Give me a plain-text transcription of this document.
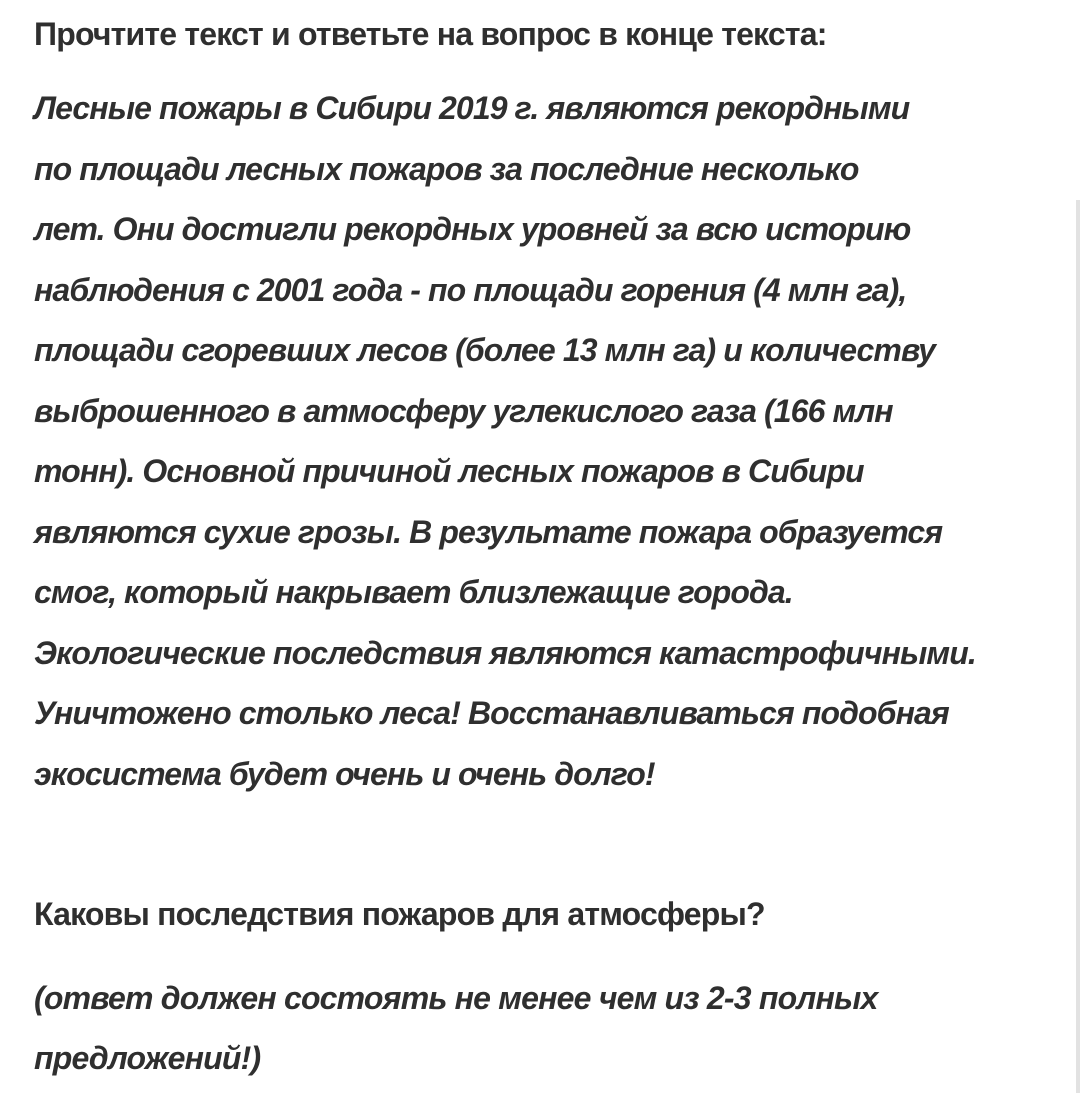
Прочтите текст и ответьте на вопрос в конце текста:
Лесные пожары в Сибири 2019 г. являются рекордными
по площади лесных пожаров за последние несколько
лет. Они достигли рекордных уровней за всю историю
наблюдения с 2001 года - по площади горения (4 млн га),
площади сгоревших лесов (более 13 млн га) и количеству
выброшенного в атмосферу углекислого газа (166 млн
тонн). Основной причиной лесных пожаров в Сибири
являются сухие грозы. В результате пожара образуется
смог, который накрывает близлежащие города.
Экологические последствия являются катастрофичными.
Уничтожено столько леса! Восстанавливаться подобная
экосистема будет очень и очень долго!
Каковы последствия пожаров для атмосферы?
(ответ должен состоять не менее чем из 2-3 полных
предложений!)
